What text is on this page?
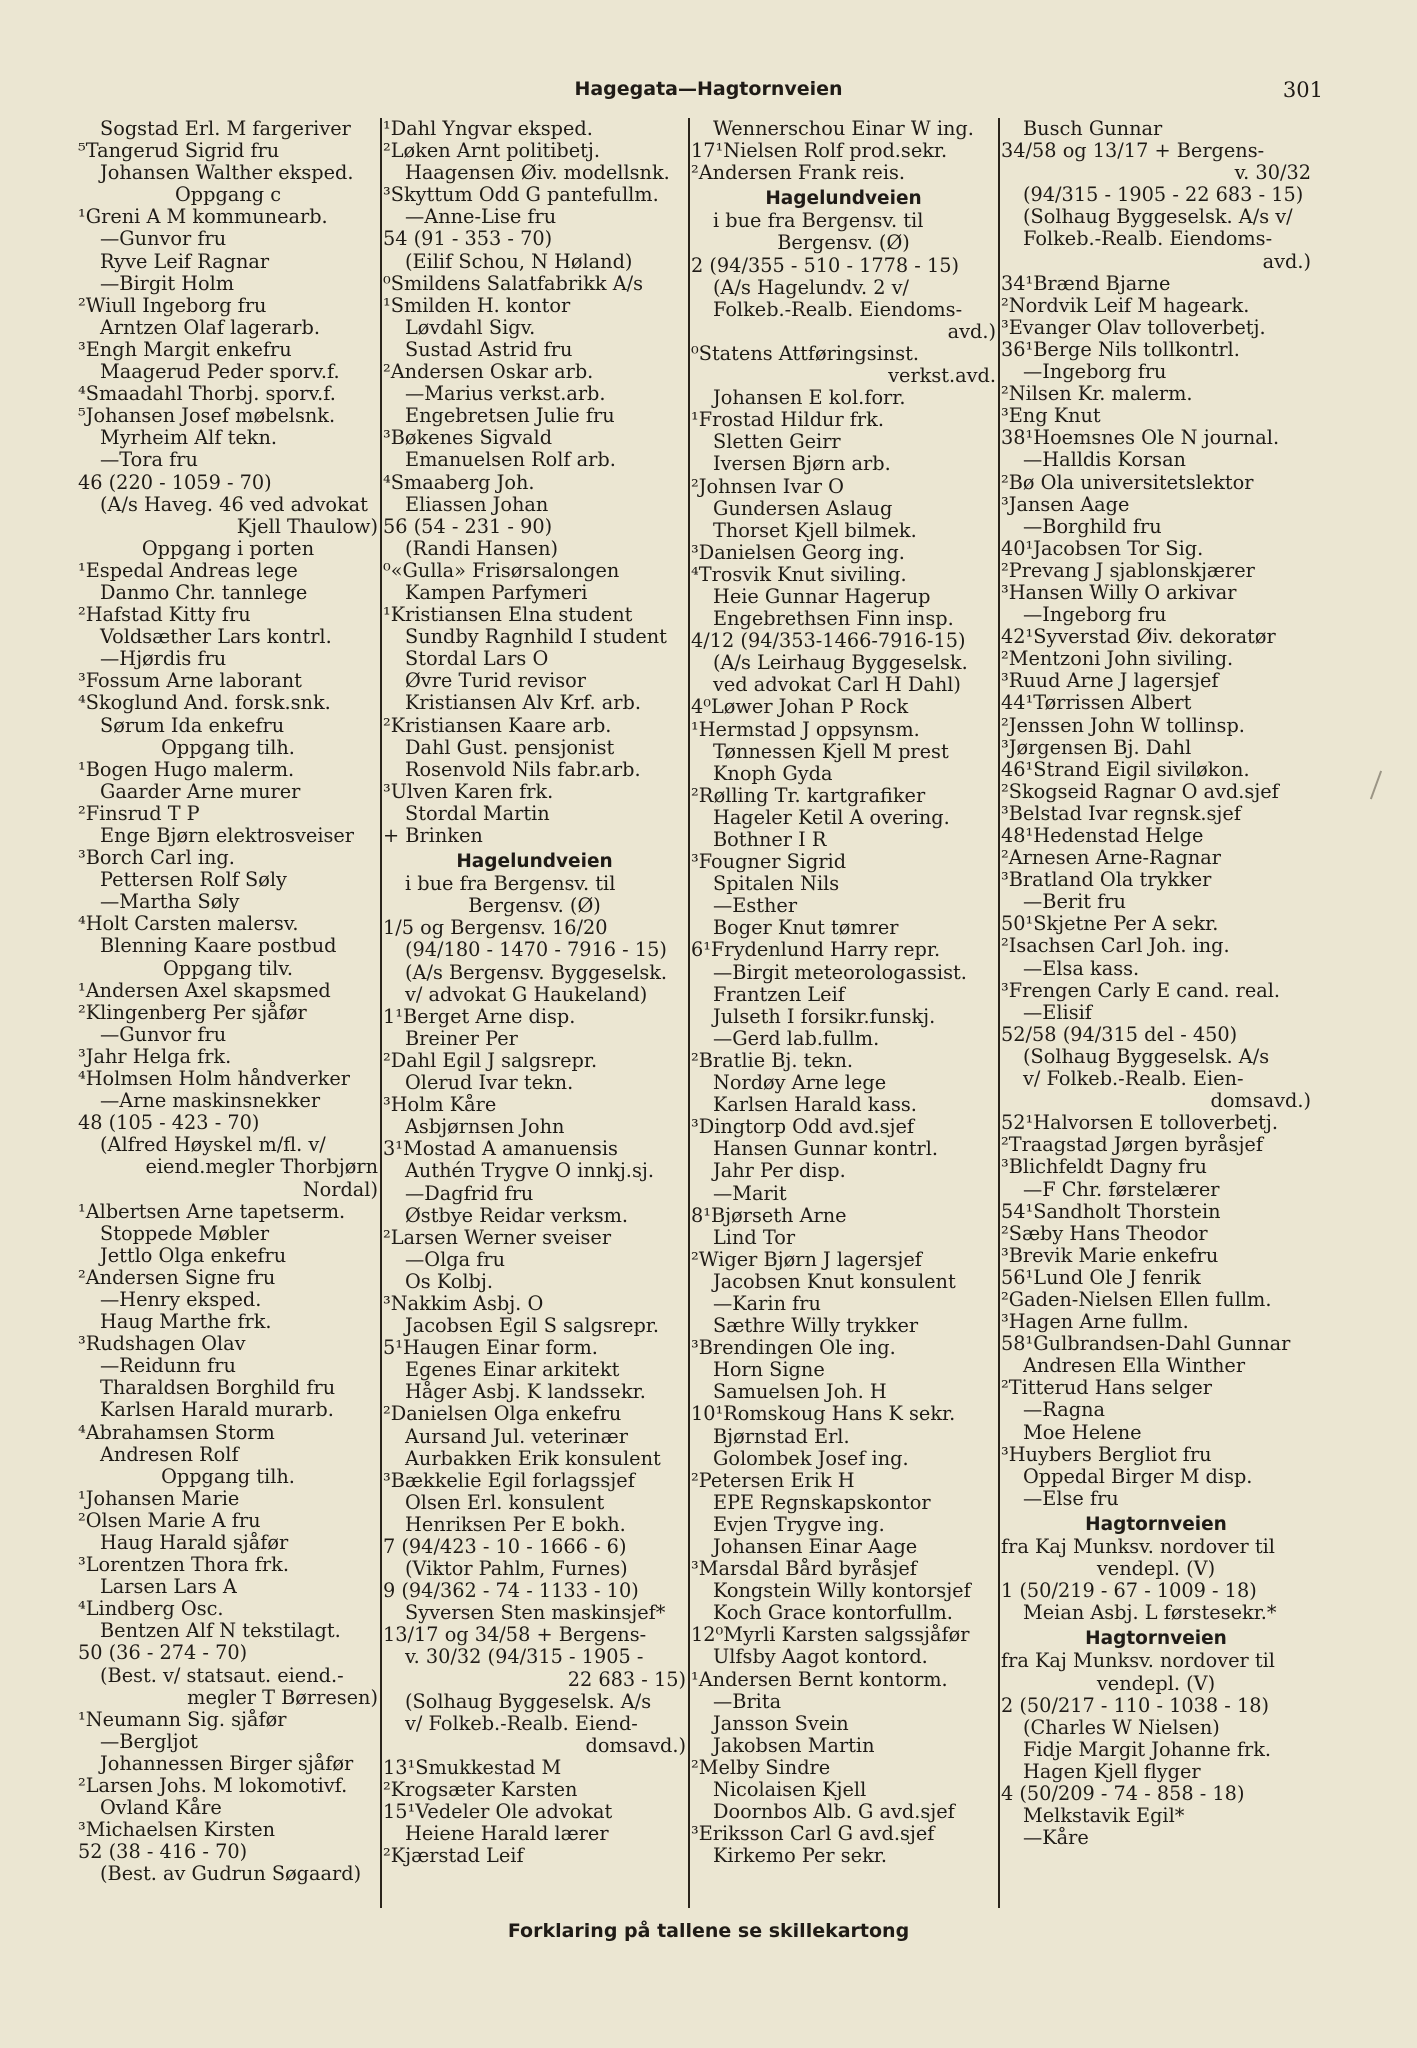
Hagegata—Hagtornveien	301
Sogstad Erl. M fargeriver
⁵Tangerud Sigrid fru
Johansen Walther eksped.
Oppgang c
¹Greni A M kommunearb.
—Gunvor fru
Ryve Leif Ragnar
—Birgit Holm
²Wiull Ingeborg fru
Arntzen Olaf lagerarb.
³Engh Margit enkefru
Maagerud Peder sporv.f.
⁴Smaadahl Thorbj. sporv.f.
⁵Johansen Josef møbelsnk.
Myrheim Alf tekn.
—Tora fru
46 (220 - 1059 - 70)
(A/s Haveg. 46 ved advokat
Kjell Thaulow)
Oppgang i porten
¹Espedal Andreas lege
Danmo Chr. tannlege
²Hafstad Kitty fru
Voldsæther Lars kontrl.
—Hjørdis fru
³Fossum Arne laborant
⁴Skoglund And. forsk.snk.
Sørum Ida enkefru
Oppgang tilh.
¹Bogen Hugo malerm.
Gaarder Arne murer
²Finsrud T P
Enge Bjørn elektrosveiser
³Borch Carl ing.
Pettersen Rolf Søly
—Martha Søly
⁴Holt Carsten malersv.
Blenning Kaare postbud
Oppgang tilv.
¹Andersen Axel skapsmed
²Klingenberg Per sjåfør
—Gunvor fru
³Jahr Helga frk.
⁴Holmsen Holm håndverker
—Arne maskinsnekker
48 (105 - 423 - 70)
(Alfred Høyskel m/fl. v/
eiend.megler Thorbjørn
Nordal)
¹Albertsen Arne tapetserm.
Stoppede Møbler
Jettlo Olga enkefru
²Andersen Signe fru
—Henry eksped.
Haug Marthe frk.
³Rudshagen Olav
—Reidunn fru
Tharaldsen Borghild fru
Karlsen Harald murarb.
⁴Abrahamsen Storm
Andresen Rolf
Oppgang tilh.
¹Johansen Marie
²Olsen Marie A fru
Haug Harald sjåfør
³Lorentzen Thora frk.
Larsen Lars A
⁴Lindberg Osc.
Bentzen Alf N tekstilagt.
50 (36 - 274 - 70)
(Best. v/ statsaut. eiend.-
megler T Børresen)
¹Neumann Sig. sjåfør
—Bergljot
Johannessen Birger sjåfør
²Larsen Johs. M lokomotivf.
Ovland Kåre
³Michaelsen Kirsten
52 (38 - 416 - 70)
(Best. av Gudrun Søgaard)
¹Dahl Yngvar eksped.
²Løken Arnt politibetj.
Haagensen Øiv. modellsnk.
³Skyttum Odd G pantefullm.
—Anne-Lise fru
54 (91 - 353 - 70)
(Eilif Schou, N Høland)
⁰Smildens Salatfabrikk A/s
¹Smilden H. kontor
Løvdahl Sigv.
Sustad Astrid fru
²Andersen Oskar arb.
—Marius verkst.arb.
Engebretsen Julie fru
³Bøkenes Sigvald
Emanuelsen Rolf arb.
⁴Smaaberg Joh.
Eliassen Johan
56 (54 - 231 - 90)
(Randi Hansen)
⁰«Gulla» Frisørsalongen
Kampen Parfymeri
¹Kristiansen Elna student
Sundby Ragnhild I student
Stordal Lars O
Øvre Turid revisor
Kristiansen Alv Krf. arb.
²Kristiansen Kaare arb.
Dahl Gust. pensjonist
Rosenvold Nils fabr.arb.
³Ulven Karen frk.
Stordal Martin
+ Brinken
Hagelundveien
i bue fra Bergensv. til
Bergensv. (Ø)
1/5 og Bergensv. 16/20
(94/180 - 1470 - 7916 - 15)
(A/s Bergensv. Byggeselsk.
v/ advokat G Haukeland)
1¹Berget Arne disp.
Breiner Per
²Dahl Egil J salgsrepr.
Olerud Ivar tekn.
³Holm Kåre
Asbjørnsen John
3¹Mostad A amanuensis
Authén Trygve O innkj.sj.
—Dagfrid fru
Østbye Reidar verksm.
²Larsen Werner sveiser
—Olga fru
Os Kolbj.
³Nakkim Asbj. O
Jacobsen Egil S salgsrepr.
5¹Haugen Einar form.
Egenes Einar arkitekt
Håger Asbj. K landssekr.
²Danielsen Olga enkefru
Aursand Jul. veterinær
Aurbakken Erik konsulent
³Bækkelie Egil forlagssjef
Olsen Erl. konsulent
Henriksen Per E bokh.
7 (94/423 - 10 - 1666 - 6)
(Viktor Pahlm, Furnes)
9 (94/362 - 74 - 1133 - 10)
Syversen Sten maskinsjef*
13/17 og 34/58 + Bergens-
v. 30/32 (94/315 - 1905 -
22 683 - 15)
(Solhaug Byggeselsk. A/s
v/ Folkeb.-Realb. Eiend-
domsavd.)
13¹Smukkestad M
²Krogsæter Karsten
15¹Vedeler Ole advokat
Heiene Harald lærer
²Kjærstad Leif
Wennerschou Einar W ing.
17¹Nielsen Rolf prod.sekr.
²Andersen Frank reis.
Hagelundveien
i bue fra Bergensv. til
Bergensv. (Ø)
2 (94/355 - 510 - 1778 - 15)
(A/s Hagelundv. 2 v/
Folkeb.-Realb. Eiendoms-
avd.)
⁰Statens Attføringsinst.
verkst.avd.
Johansen E kol.forr.
¹Frostad Hildur frk.
Sletten Geirr
Iversen Bjørn arb.
²Johnsen Ivar O
Gundersen Aslaug
Thorset Kjell bilmek.
³Danielsen Georg ing.
⁴Trosvik Knut siviling.
Heie Gunnar Hagerup
Engebrethsen Finn insp.
4/12 (94/353-1466-7916-15)
(A/s Leirhaug Byggeselsk.
ved advokat Carl H Dahl)
4⁰Løwer Johan P Rock
¹Hermstad J oppsynsm.
Tønnessen Kjell M prest
Knoph Gyda
²Rølling Tr. kartgrafiker
Hageler Ketil A overing.
Bothner I R
³Fougner Sigrid
Spitalen Nils
—Esther
Boger Knut tømrer
6¹Frydenlund Harry repr.
—Birgit meteorologassist.
Frantzen Leif
Julseth I forsikr.funskj.
—Gerd lab.fullm.
²Bratlie Bj. tekn.
Nordøy Arne lege
Karlsen Harald kass.
³Dingtorp Odd avd.sjef
Hansen Gunnar kontrl.
Jahr Per disp.
—Marit
8¹Bjørseth Arne
Lind Tor
²Wiger Bjørn J lagersjef
Jacobsen Knut konsulent
—Karin fru
Sæthre Willy trykker
³Brendingen Ole ing.
Horn Signe
Samuelsen Joh. H
10¹Romskoug Hans K sekr.
Bjørnstad Erl.
Golombek Josef ing.
²Petersen Erik H
EPE Regnskapskontor
Evjen Trygve ing.
Johansen Einar Aage
³Marsdal Bård byråsjef
Kongstein Willy kontorsjef
Koch Grace kontorfullm.
12⁰Myrli Karsten salgssjåfør
Ulfsby Aagot kontord.
¹Andersen Bernt kontorm.
—Brita
Jansson Svein
Jakobsen Martin
²Melby Sindre
Nicolaisen Kjell
Doornbos Alb. G avd.sjef
³Eriksson Carl G avd.sjef
Kirkemo Per sekr.
Busch Gunnar
34/58 og 13/17 + Bergens-
v. 30/32
(94/315 - 1905 - 22 683 - 15)
(Solhaug Byggeselsk. A/s v/
Folkeb.-Realb. Eiendoms-
avd.)
34¹Brænd Bjarne
²Nordvik Leif M hageark.
³Evanger Olav tolloverbetj.
36¹Berge Nils tollkontrl.
—Ingeborg fru
²Nilsen Kr. malerm.
³Eng Knut
38¹Hoemsnes Ole N journal.
—Halldis Korsan
²Bø Ola universitetslektor
³Jansen Aage
—Borghild fru
40¹Jacobsen Tor Sig.
²Prevang J sjablonskjærer
³Hansen Willy O arkivar
—Ingeborg fru
42¹Syverstad Øiv. dekoratør
²Mentzoni John siviling.
³Ruud Arne J lagersjef
44¹Tørrissen Albert
²Jenssen John W tollinsp.
³Jørgensen Bj. Dahl
46¹Strand Eigil siviløkon.
²Skogseid Ragnar O avd.sjef
³Belstad Ivar regnsk.sjef
48¹Hedenstad Helge
²Arnesen Arne-Ragnar
³Bratland Ola trykker
—Berit fru
50¹Skjetne Per A sekr.
²Isachsen Carl Joh. ing.
—Elsa kass.
³Frengen Carly E cand. real.
—Elisif
52/58 (94/315 del - 450)
(Solhaug Byggeselsk. A/s
v/ Folkeb.-Realb. Eien-
domsavd.)
52¹Halvorsen E tolloverbetj.
²Traagstad Jørgen byråsjef
³Blichfeldt Dagny fru
—F Chr. førstelærer
54¹Sandholt Thorstein
²Sæby Hans Theodor
³Brevik Marie enkefru
56¹Lund Ole J fenrik
²Gaden-Nielsen Ellen fullm.
³Hagen Arne fullm.
58¹Gulbrandsen-Dahl Gunnar
Andresen Ella Winther
²Titterud Hans selger
—Ragna
Moe Helene
³Huybers Bergliot fru
Oppedal Birger M disp.
—Else fru
Hagtornveien
fra Kaj Munksv. nordover til
vendepl. (V)
1 (50/219 - 67 - 1009 - 18)
Meian Asbj. L førstesekr.*
Hagtornveien
fra Kaj Munksv. nordover til
vendepl. (V)
2 (50/217 - 110 - 1038 - 18)
(Charles W Nielsen)
Fidje Margit Johanne frk.
Hagen Kjell flyger
4 (50/209 - 74 - 858 - 18)
Melkstavik Egil*
—Kåre
Forklaring på tallene se skillekartong
